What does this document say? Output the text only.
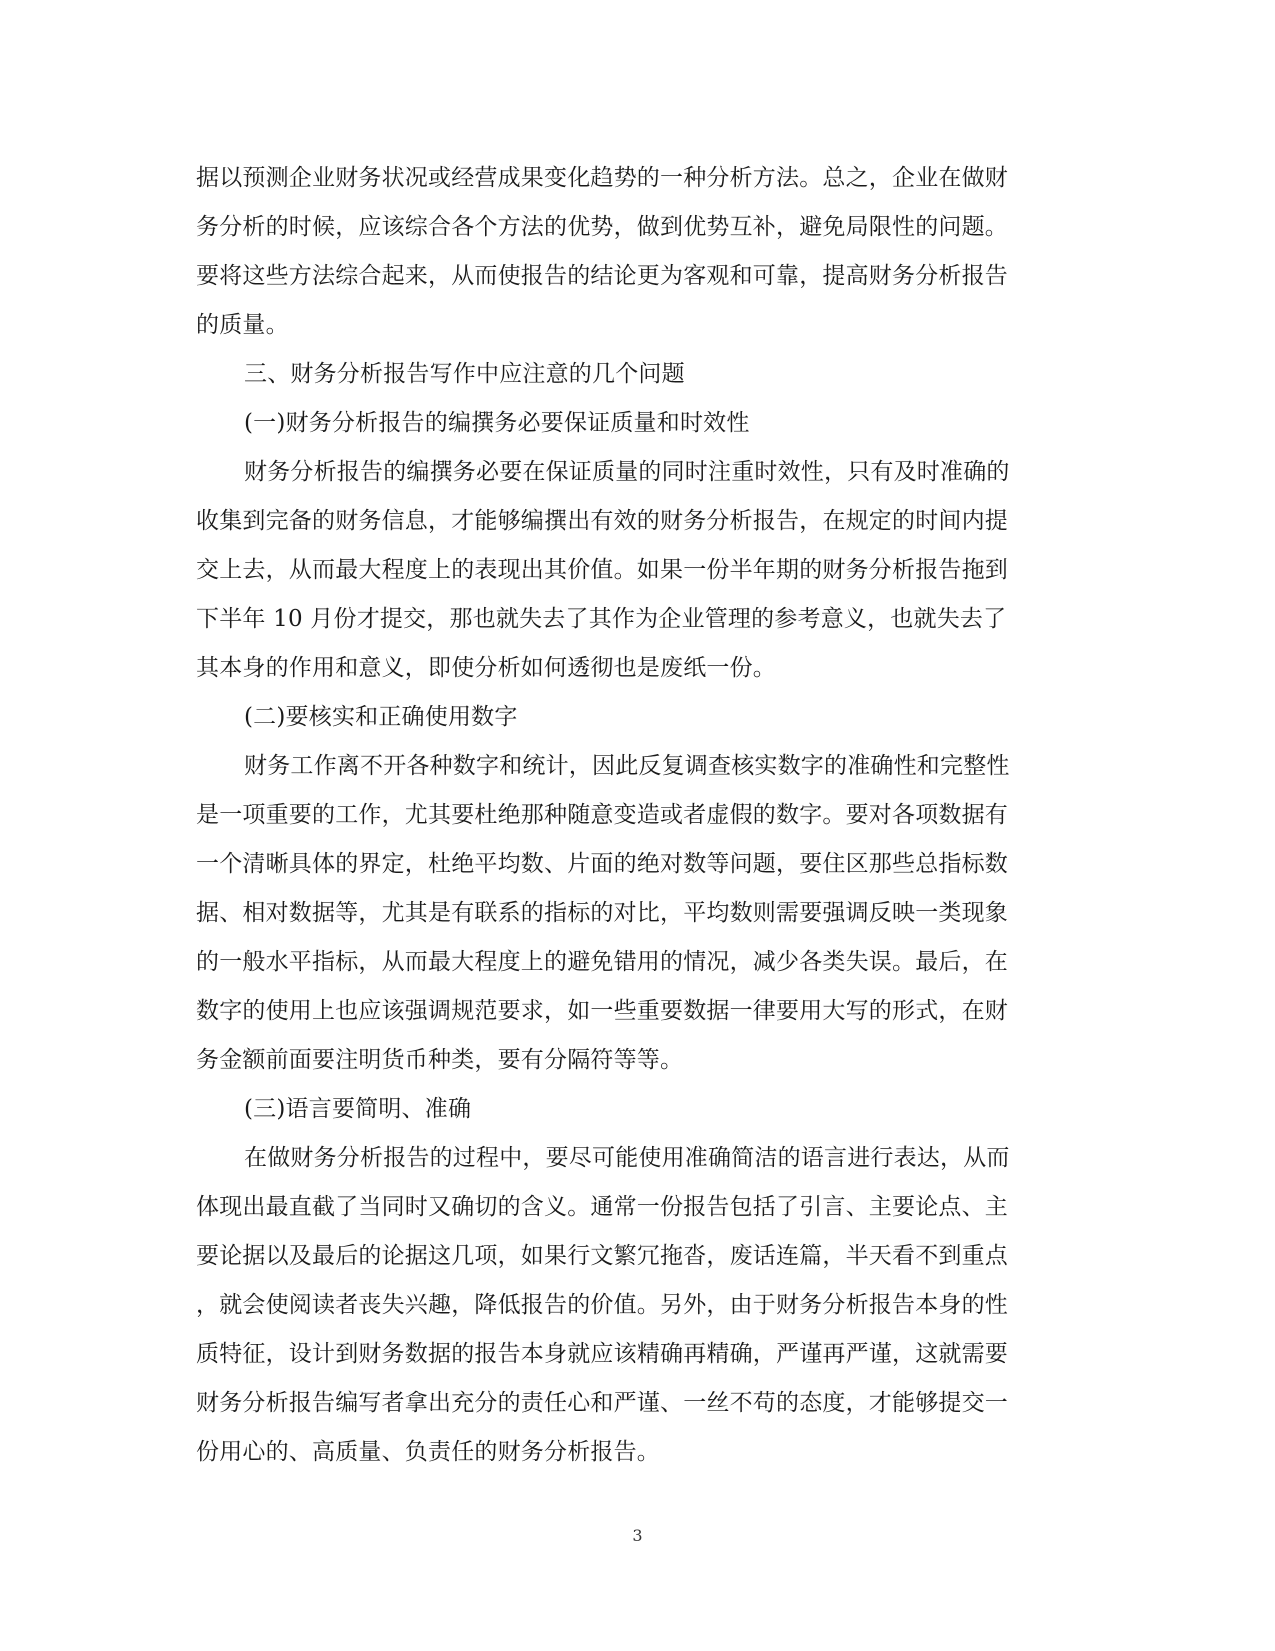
据以预测企业财务状况或经营成果变化趋势的一种分析方法。总之，企业在做财
务分析的时候，应该综合各个方法的优势，做到优势互补，避免局限性的问题。
要将这些方法综合起来，从而使报告的结论更为客观和可靠，提高财务分析报告
的质量。
三、财务分析报告写作中应注意的几个问题
(一)财务分析报告的编撰务必要保证质量和时效性
财务分析报告的编撰务必要在保证质量的同时注重时效性，只有及时准确的
收集到完备的财务信息，才能够编撰出有效的财务分析报告，在规定的时间内提
交上去，从而最大程度上的表现出其价值。如果一份半年期的财务分析报告拖到
下半年 10 月份才提交，那也就失去了其作为企业管理的参考意义，也就失去了
其本身的作用和意义，即使分析如何透彻也是废纸一份。
(二)要核实和正确使用数字
财务工作离不开各种数字和统计，因此反复调查核实数字的准确性和完整性
是一项重要的工作，尤其要杜绝那种随意变造或者虚假的数字。要对各项数据有
一个清晰具体的界定，杜绝平均数、片面的绝对数等问题，要住区那些总指标数
据、相对数据等，尤其是有联系的指标的对比，平均数则需要强调反映一类现象
的一般水平指标，从而最大程度上的避免错用的情况，减少各类失误。最后，在
数字的使用上也应该强调规范要求，如一些重要数据一律要用大写的形式，在财
务金额前面要注明货币种类，要有分隔符等等。
(三)语言要简明、准确
在做财务分析报告的过程中，要尽可能使用准确简洁的语言进行表达，从而
体现出最直截了当同时又确切的含义。通常一份报告包括了引言、主要论点、主
要论据以及最后的论据这几项，如果行文繁冗拖沓，废话连篇，半天看不到重点
，就会使阅读者丧失兴趣，降低报告的价值。另外，由于财务分析报告本身的性
质特征，设计到财务数据的报告本身就应该精确再精确，严谨再严谨，这就需要
财务分析报告编写者拿出充分的责任心和严谨、一丝不苟的态度，才能够提交一
份用心的、高质量、负责任的财务分析报告。
3
